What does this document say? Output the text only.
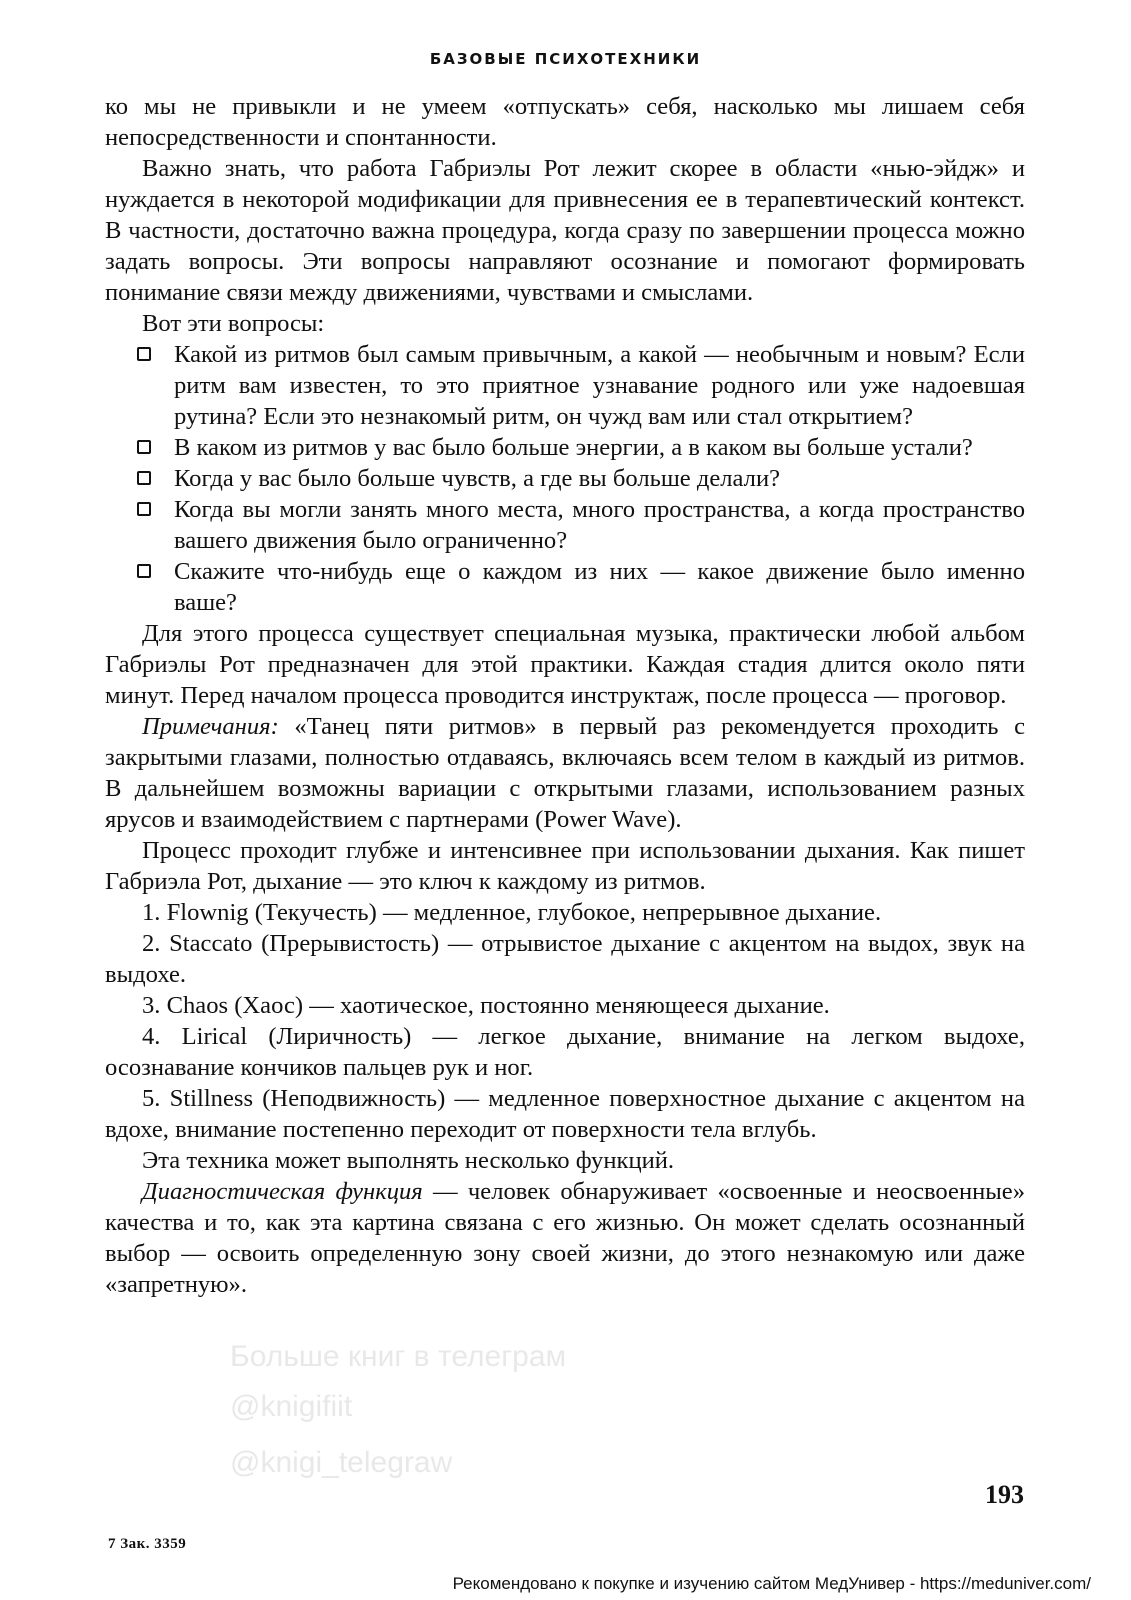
БАЗОВЫЕ ПСИХОТЕХНИКИ

ко мы не привыкли и не умеем «отпускать» себя, насколько мы лишаем себя непосредственности и спонтанности.

Важно знать, что работа Габриэлы Рот лежит скорее в области «нью-эйдж» и нуждается в некоторой модификации для привнесения ее в терапевтический контекст. В частности, достаточно важна процедура, когда сразу по завершении процесса можно задать вопросы. Эти вопросы направляют осознание и помогают формировать понимание связи между движениями, чувствами и смыслами.

Вот эти вопросы:

Какой из ритмов был самым привычным, а какой — необычным и новым? Если ритм вам известен, то это приятное узнавание родного или уже надоевшая рутина? Если это незнакомый ритм, он чужд вам или стал открытием?
В каком из ритмов у вас было больше энергии, а в каком вы больше устали?
Когда у вас было больше чувств, а где вы больше делали?
Когда вы могли занять много места, много пространства, а когда пространство вашего движения было ограниченно?
Скажите что-нибудь еще о каждом из них — какое движение было именно ваше?

Для этого процесса существует специальная музыка, практически любой альбом Габриэлы Рот предназначен для этой практики. Каждая стадия длится около пяти минут. Перед началом процесса проводится инструктаж, после процесса — проговор.

Примечания: «Танец пяти ритмов» в первый раз рекомендуется проходить с закрытыми глазами, полностью отдаваясь, включаясь всем телом в каждый из ритмов. В дальнейшем возможны вариации с открытыми глазами, использованием разных ярусов и взаимодействием с партнерами (Power Wave).

Процесс проходит глубже и интенсивнее при использовании дыхания. Как пишет Габриэла Рот, дыхание — это ключ к каждому из ритмов.

1. Flownig (Текучесть) — медленное, глубокое, непрерывное дыхание.

2. Staccato (Прерывистость) — отрывистое дыхание с акцентом на выдох, звук на выдохе.

3. Chaos (Хаос) — хаотическое, постоянно меняющееся дыхание.

4. Lirical (Лиричность) — легкое дыхание, внимание на легком выдохе, осознавание кончиков пальцев рук и ног.

5. Stillness (Неподвижность) — медленное поверхностное дыхание с акцентом на вдохе, внимание постепенно переходит от поверхности тела вглубь.

Эта техника может выполнять несколько функций.

Диагностическая функция — человек обнаруживает «освоенные и неосвоенные» качества и то, как эта картина связана с его жизнью. Он может сделать осознанный выбор — освоить определенную зону своей жизни, до этого незнакомую или даже «запретную».

Больше книг в телеграм
@knigifiit
@knigi_telegraw
193
7 Зак. 3359
Рекомендовано к покупке и изучению сайтом МедУнивер - https://meduniver.com/
